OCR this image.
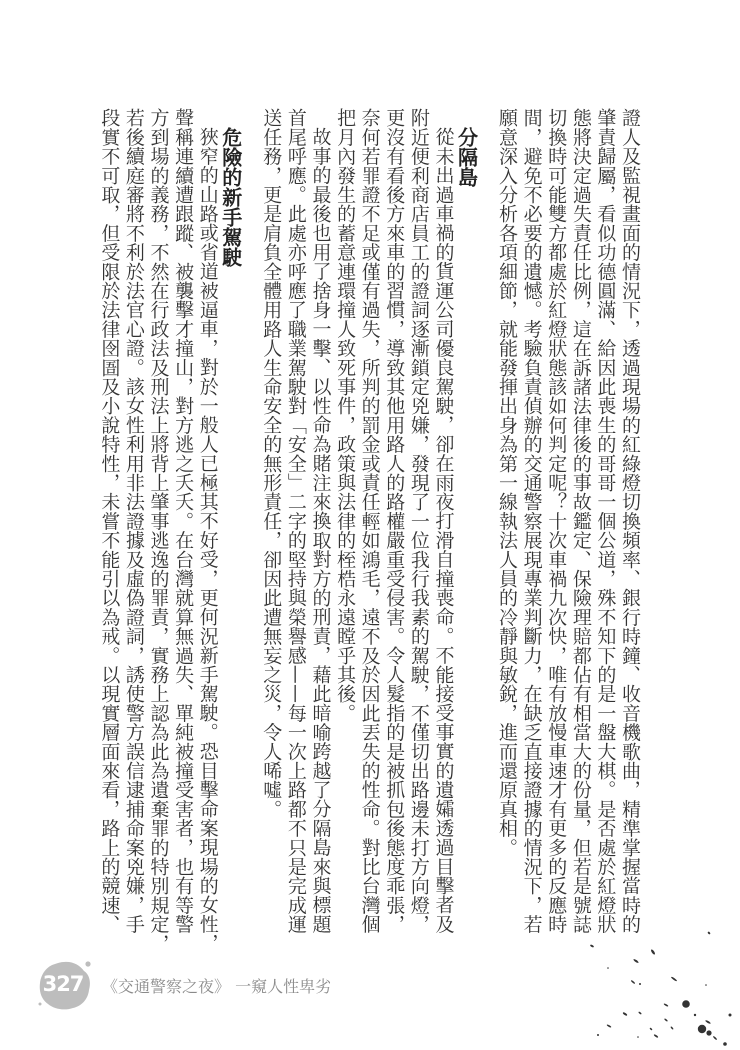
證人及監視畫面的情況下，透過現場的紅綠燈切換頻率、銀行時鐘、收音機歌曲，精準掌握當時的
肇責歸屬，看似功德圓滿、給因此喪生的哥哥一個公道，殊不知下的是一盤大棋。是否處於紅燈狀
態將決定過失責任比例，這在訴諸法律後的事故鑑定、保險理賠都佔有相當大的份量，但若是號誌
切換時可能雙方都處於紅燈狀態該如何判定呢？十次車禍九次快，唯有放慢車速才有更多的反應時
間，避免不必要的遺憾。考驗負責偵辦的交通警察展現專業判斷力，在缺乏直接證據的情況下，若
願意深入分析各項細節，就能發揮出身為第一線執法人員的冷靜與敏銳，進而還原真相。
分隔島
從未出過車禍的貨運公司優良駕駛，卻在雨夜打滑自撞喪命。不能接受事實的遺孀透過目擊者及
附近便利商店員工的證詞逐漸鎖定兇嫌，發現了一位我行我素的駕駛，不僅切出路邊未打方向燈，
更沒有看後方來車的習慣，導致其他用路人的路權嚴重受侵害。令人髮指的是被抓包後態度乖張，
奈何若罪證不足或僅有過失，所判的罰金或責任輕如鴻毛，遠不及於因此丟失的性命。對比台灣個
把月內發生的蓄意連環撞人致死事件，政策與法律的桎梏永遠瞠乎其後。
故事的最後也用了捨身一擊、以性命為賭注來換取對方的刑責，藉此暗喻跨越了分隔島來與標題
首尾呼應。此處亦呼應了職業駕駛對「安全」二字的堅持與榮譽感——每一次上路都不只是完成運
送任務，更是肩負全體用路人生命安全的無形責任，卻因此遭無妄之災，令人唏噓。
危險的新手駕駛
狹窄的山路或省道被逼車，對於一般人已極其不好受，更何況新手駕駛。恐目擊命案現場的女性，
聲稱連續遭跟蹤、被襲擊才撞山，對方逃之夭夭。在台灣就算無過失、單純被撞受害者，也有等警
方到場的義務，不然在行政法及刑法上將背上肇事逃逸的罪責，實務上認為此為遺棄罪的特別規定，
若後續庭審將不利於法官心證。該女性利用非法證據及虛偽證詞，誘使警方誤信逮捕命案兇嫌，手
段實不可取，但受限於法律囹圄及小說特性，未嘗不能引以為戒。以現實層面來看，路上的競速、
327 《交通警察之夜》 一窺人性卑劣
